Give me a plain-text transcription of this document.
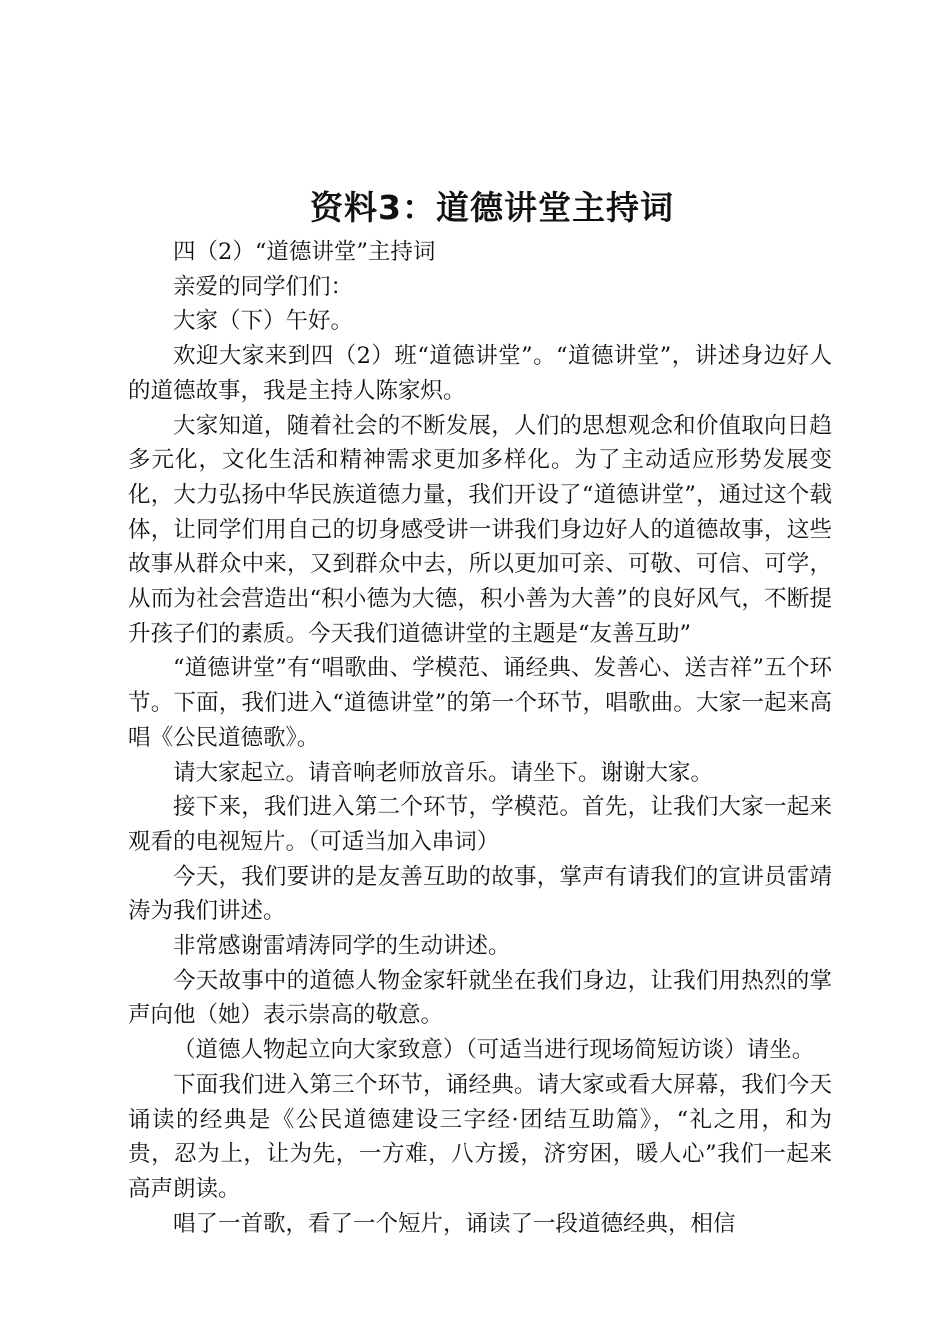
资料3：道德讲堂主持词

四（2）“道德讲堂”主持词

亲爱的同学们们：

大家（下）午好。

欢迎大家来到四（2）班“道德讲堂”。“道德讲堂”，讲述身边好人的道德故事，我是主持人陈家炽。

大家知道，随着社会的不断发展，人们的思想观念和价值取向日趋多元化，文化生活和精神需求更加多样化。为了主动适应形势发展变化，大力弘扬中华民族道德力量，我们开设了“道德讲堂”，通过这个载体，让同学们用自己的切身感受讲一讲我们身边好人的道德故事，这些故事从群众中来，又到群众中去，所以更加可亲、可敬、可信、可学，从而为社会营造出“积小德为大德，积小善为大善”的良好风气，不断提升孩子们的素质。今天我们道德讲堂的主题是“友善互助”

“道德讲堂”有“唱歌曲、学模范、诵经典、发善心、送吉祥”五个环节。下面，我们进入“道德讲堂”的第一个环节，唱歌曲。大家一起来高唱《公民道德歌》。

请大家起立。请音响老师放音乐。请坐下。谢谢大家。

接下来，我们进入第二个环节，学模范。首先，让我们大家一起来观看的电视短片。（可适当加入串词）

今天，我们要讲的是友善互助的故事，掌声有请我们的宣讲员雷靖涛为我们讲述。

非常感谢雷靖涛同学的生动讲述。

今天故事中的道德人物金家轩就坐在我们身边，让我们用热烈的掌声向他（她）表示崇高的敬意。

（道德人物起立向大家致意）（可适当进行现场简短访谈）请坐。

下面我们进入第三个环节，诵经典。请大家或看大屏幕，我们今天诵读的经典是《公民道德建设三字经·团结互助篇》，“礼之用，和为贵，忍为上，让为先，一方难，八方援，济穷困，暖人心”我们一起来高声朗读。

唱了一首歌，看了一个短片，诵读了一段道德经典，相信
